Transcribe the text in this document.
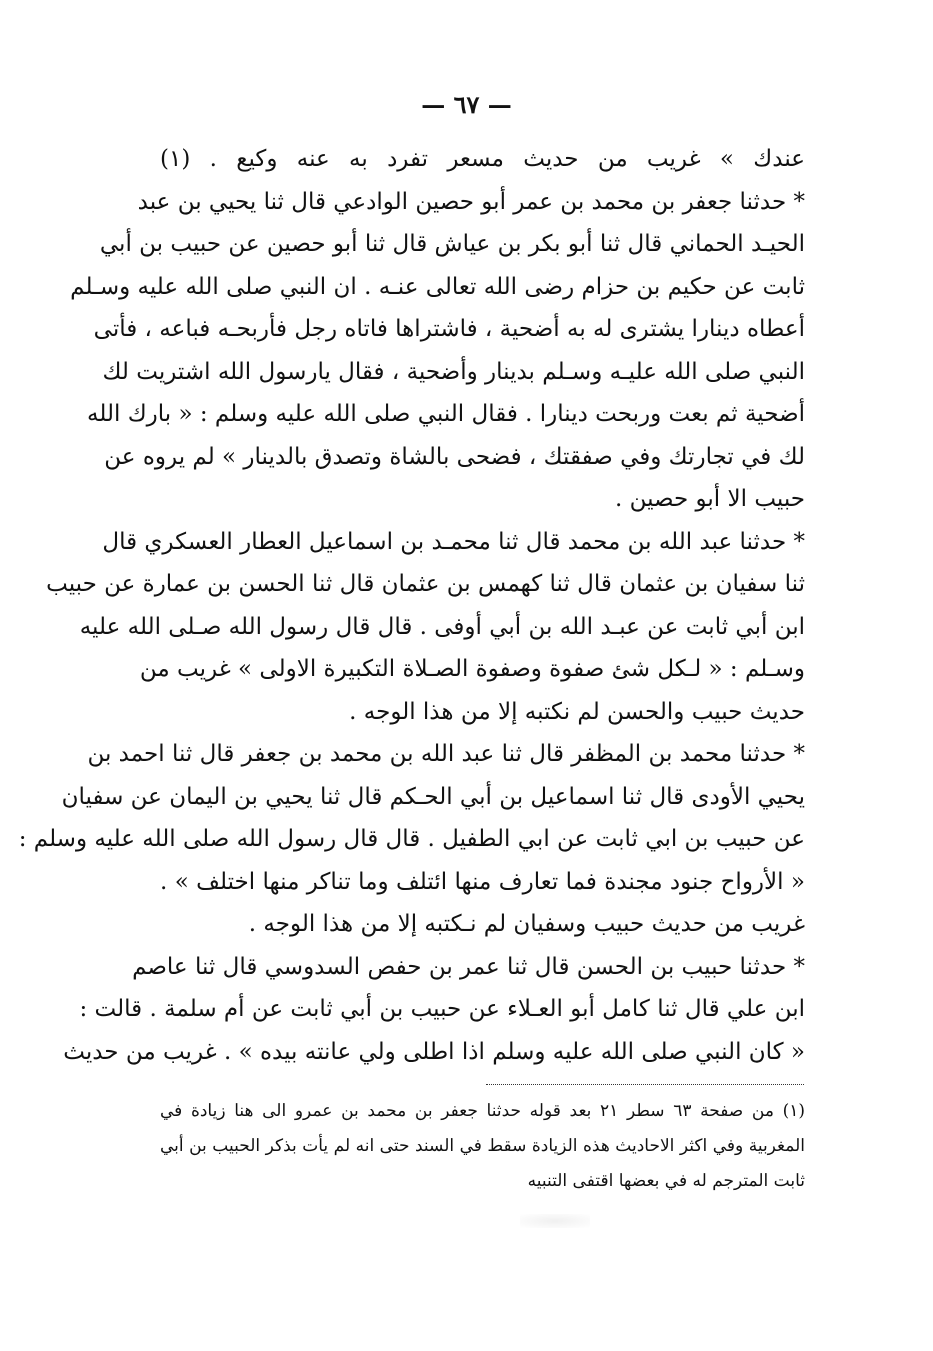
— ٦٧ —
عندك » غريب من حديث مسعر تفرد به عنه وكيع . (١)
* حدثنا جعفر بن محمد بن عمر أبو حصين الوادعي قال ثنا يحيي بن عبد
الحيـد الحماني قال ثنا أبو بكر بن عياش قال ثنا أبو حصين عن حبيب بن أبي
ثابت عن حكيم بن حزام رضى الله تعالى عنـه . ان النبي صلى الله عليه وسـلم
أعطاه دينارا يشترى له به أضحية ، فاشتراها فاتاه رجل فأربحـه فباعه ، فأتى
النبي صلى الله عليـه وسـلم بدينار وأضحية ، فقال يارسول الله اشتريت لك
أضحية ثم بعت وربحت دينارا . فقال النبي صلى الله عليه وسلم : « بارك الله
لك في تجارتك وفي صفقتك ، فضحى بالشاة وتصدق بالدينار » لم يروه عن
حبيب الا أبو حصين .
* حدثنا عبد الله بن محمد قال ثنا محمـد بن اسماعيل العطار العسكري قال
ثنا سفيان بن عثمان قال ثنا كهمس بن عثمان قال ثنا الحسن بن عمارة عن حبيب
ابن أبي ثابت عن عبـد الله بن أبي أوفى . قال قال رسول الله صـلى الله عليه
وسـلم : « لـكل شئ صفوة وصفوة الصـلاة التكبيرة الاولى » غريب من
حديث حبيب والحسن لم نكتبه إلا من هذا الوجه .
* حدثنا محمد بن المظفر قال ثنا عبد الله بن محمد بن جعفر قال ثنا احمد بن
يحيي الأودى قال ثنا اسماعيل بن أبي الحـكم قال ثنا يحيي بن اليمان عن سفيان
عن حبيب بن ابي ثابت عن ابي الطفيل . قال قال رسول الله صلى الله عليه وسلم :
« الأرواح جنود مجندة فما تعارف منها ائتلف وما تناكر منها اختلف » .
غريب من حديث حبيب وسفيان لم نـكتبه إلا من هذا الوجه .
* حدثنا حبيب بن الحسن قال ثنا عمر بن حفص السدوسي قال ثنا عاصم
ابن علي قال ثنا كامل أبو العـلاء عن حبيب بن أبي ثابت عن أم سلمة . قالت :
« كان النبي صلى الله عليه وسلم اذا اطلى ولي عانته بيده » . غريب من حديث
(١) من صفحة ٦٣ سطر ٢١ بعد قوله حدثنا جعفر بن محمد بن عمرو الى هنا زيادة في
المغربية وفي اكثر الاحاديث هذه الزيادة سقط في السند حتى انه لم يأت بذكر الحبيب بن أبي
ثابت المترجم له في بعضها اقتفى التنبيه
